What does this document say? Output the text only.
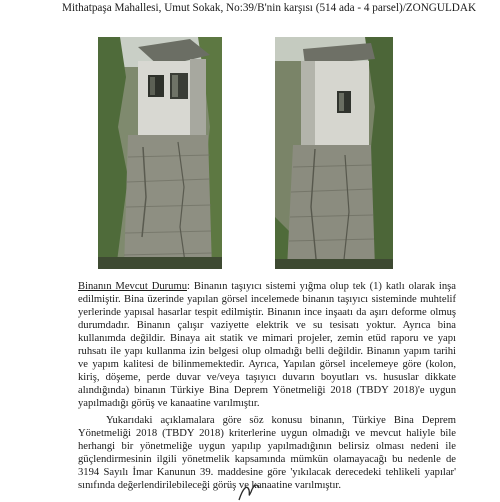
Mithatpaşa Mahallesi, Umut Sokak, No:39/B'nin karşısı (514 ada - 4 parsel)/ZONGULDAK
Binanın Mevcut Durumu: Binanın taşıyıcı sistemi yığma olup tek (1) katlı olarak inşa edilmiştir. Bina üzerinde yapılan görsel incelemede binanın taşıyıcı sisteminde muhtelif yerlerinde yapısal hasarlar tespit edilmiştir. Binanın ince inşaatı da aşırı deforme olmuş durumdadır. Binanın çalışır vaziyette elektrik ve su tesisatı yoktur. Ayrıca bina kullanımda değildir. Binaya ait statik ve mimari projeler, zemin etüd raporu ve yapı ruhsatı ile yapı kullanma izin belgesi olup olmadığı belli değildir. Binanın yapım tarihi ve yapım kalitesi de bilinmemektedir. Ayrıca, Yapılan görsel incelemeye göre (kolon, kiriş, döşeme, perde duvar ve/veya taşıyıcı duvarın boyutları vs. hususlar dikkate alındığında) binanın Türkiye Bina Deprem Yönetmeliği 2018 (TBDY 2018)'e uygun yapılmadığı görüş ve kanaatine varılmıştır.
Yukarıdaki açıklamalara göre söz konusu binanın, Türkiye Bina Deprem Yönetmeliği 2018 (TBDY 2018) kriterlerine uygun olmadığı ve mevcut haliyle bile herhangi bir yönetmeliğe uygun yapılıp yapılmadığının belirsiz olması nedeni ile güçlendirmesinin ilgili yönetmelik kapsamında mümkün olamayacağı bu nedenle de 3194 Sayılı İmar Kanunun 39. maddesine göre 'yıkılacak derecedeki tehlikeli yapılar' sınıfında değerlendirilebileceği görüş ve kanaatine varılmıştır.
